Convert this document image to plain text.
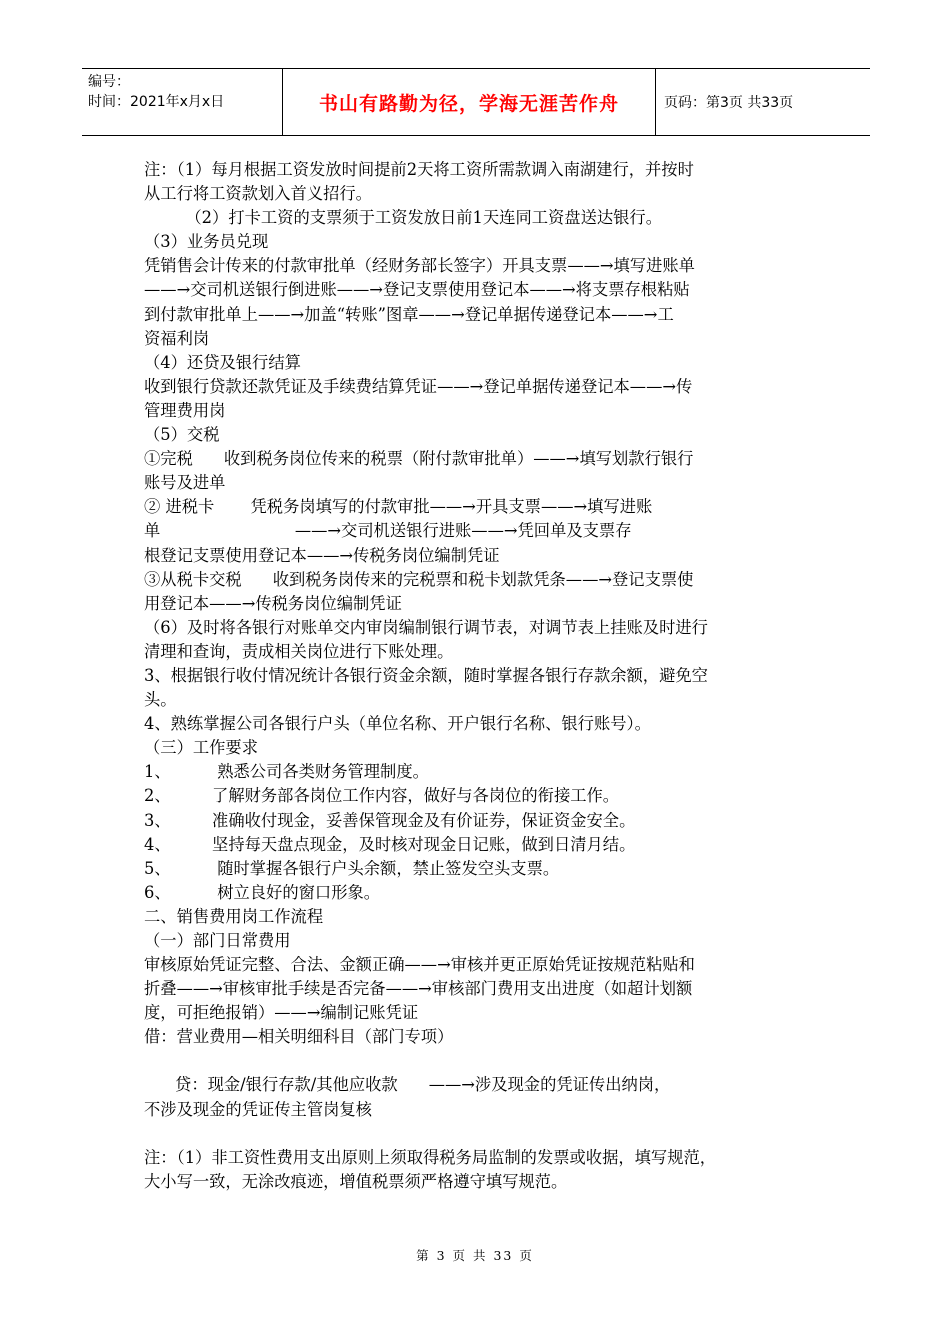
编号：
时间：2021年x月x日	书山有路勤为径，学海无涯苦作舟	页码：第3页 共33页
注：（1）每月根据工资发放时间提前2天将工资所需款调入南湖建行，并按时
从工行将工资款划入首义招行。
（2）打卡工资的支票须于工资发放日前1天连同工资盘送达银行。
（3）业务员兑现
凭销售会计传来的付款审批单（经财务部长签字）开具支票——→填写进账单
——→交司机送银行倒进账——→登记支票使用登记本——→将支票存根粘贴
到付款审批单上——→加盖“转账”图章——→登记单据传递登记本——→工
资福利岗
（4）还贷及银行结算
收到银行贷款还款凭证及手续费结算凭证——→登记单据传递登记本——→传
管理费用岗
（5）交税
①完税      收到税务岗位传来的税票（附付款审批单）——→填写划款行银行
账号及进单
② 进税卡       凭税务岗填写的付款审批——→开具支票——→填写进账
单                          ——→交司机送银行进账——→凭回单及支票存
根登记支票使用登记本——→传税务岗位编制凭证
③从税卡交税      收到税务岗传来的完税票和税卡划款凭条——→登记支票使
用登记本——→传税务岗位编制凭证
（6）及时将各银行对账单交内审岗编制银行调节表，对调节表上挂账及时进行
清理和查询，责成相关岗位进行下账处理。
3、根据银行收付情况统计各银行资金余额，随时掌握各银行存款余额，避免空
头。
4、熟练掌握公司各银行户头（单位名称、开户银行名称、银行账号）。
（三）工作要求
1、         熟悉公司各类财务管理制度。
2、        了解财务部各岗位工作内容，做好与各岗位的衔接工作。
3、        准确收付现金，妥善保管现金及有价证券，保证资金安全。
4、        坚持每天盘点现金，及时核对现金日记账，做到日清月结。
5、         随时掌握各银行户头余额，禁止签发空头支票。
6、         树立良好的窗口形象。
二、销售费用岗工作流程
（一）部门日常费用
审核原始凭证完整、合法、金额正确——→审核并更正原始凭证按规范粘贴和
折叠——→审核审批手续是否完备——→审核部门费用支出进度（如超计划额
度，可拒绝报销）——→编制记账凭证
借：营业费用—相关明细科目（部门专项）
贷：现金/银行存款/其他应收款      ——→涉及现金的凭证传出纳岗，
不涉及现金的凭证传主管岗复核
注：（1）非工资性费用支出原则上须取得税务局监制的发票或收据，填写规范，
大小写一致，无涂改痕迹，增值税票须严格遵守填写规范。
第 3 页 共 33 页
